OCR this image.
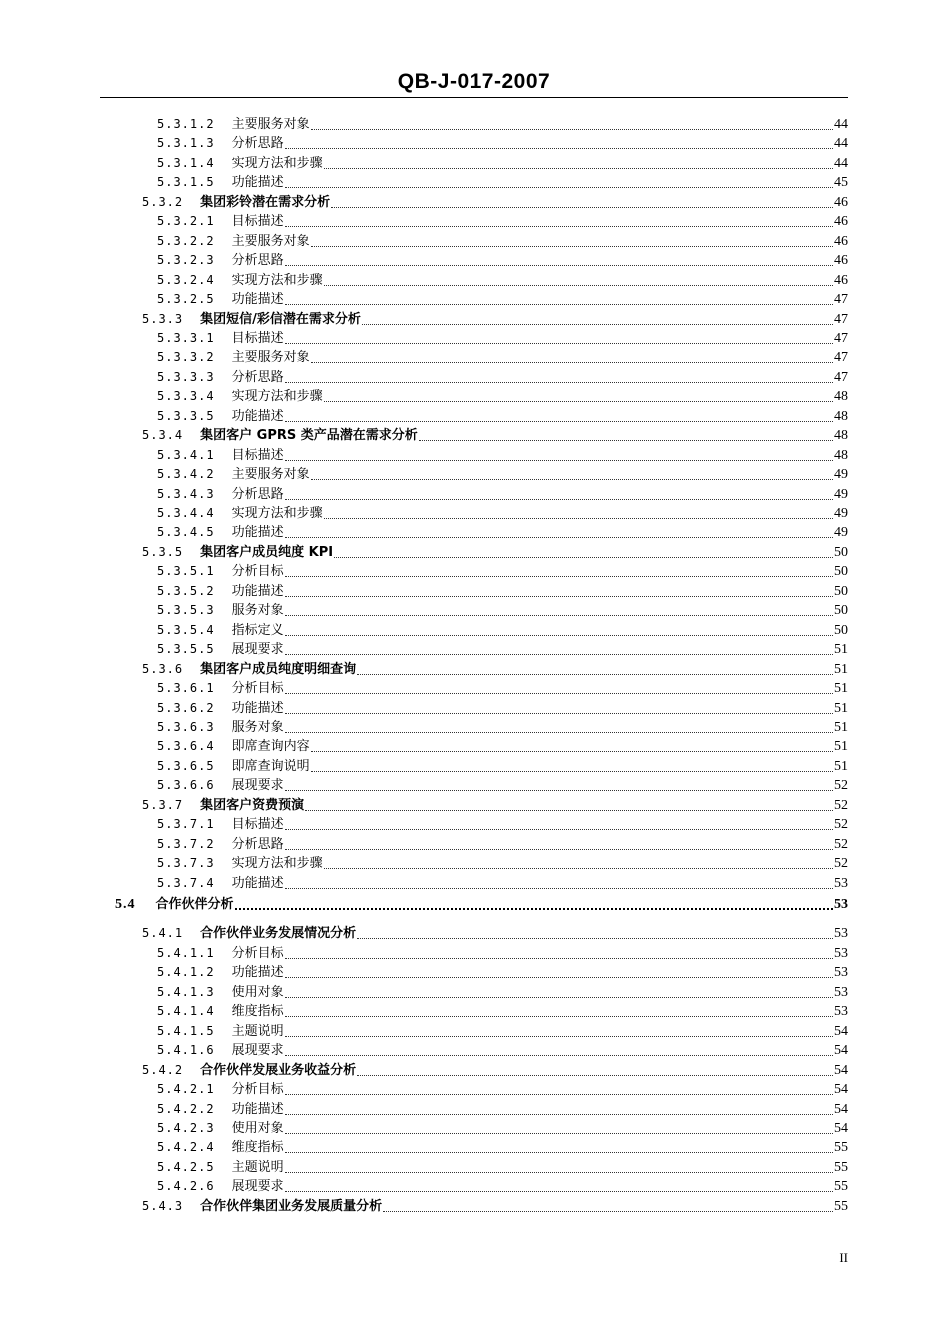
QB-J-017-2007
5.3.1.2 主要服务对象	44
5.3.1.3 分析思路	44
5.3.1.4 实现方法和步骤	44
5.3.1.5 功能描述	45
5.3.2 集团彩铃潜在需求分析	46
5.3.2.1 目标描述	46
5.3.2.2 主要服务对象	46
5.3.2.3 分析思路	46
5.3.2.4 实现方法和步骤	46
5.3.2.5 功能描述	47
5.3.3 集团短信/彩信潜在需求分析	47
5.3.3.1 目标描述	47
5.3.3.2 主要服务对象	47
5.3.3.3 分析思路	47
5.3.3.4 实现方法和步骤	48
5.3.3.5 功能描述	48
5.3.4 集团客户 GPRS 类产品潜在需求分析	48
5.3.4.1 目标描述	48
5.3.4.2 主要服务对象	49
5.3.4.3 分析思路	49
5.3.4.4 实现方法和步骤	49
5.3.4.5 功能描述	49
5.3.5 集团客户成员纯度 KPI	50
5.3.5.1 分析目标	50
5.3.5.2 功能描述	50
5.3.5.3 服务对象	50
5.3.5.4 指标定义	50
5.3.5.5 展现要求	51
5.3.6 集团客户成员纯度明细查询	51
5.3.6.1 分析目标	51
5.3.6.2 功能描述	51
5.3.6.3 服务对象	51
5.3.6.4 即席查询内容	51
5.3.6.5 即席查询说明	51
5.3.6.6 展现要求	52
5.3.7 集团客户资费预演	52
5.3.7.1 目标描述	52
5.3.7.2 分析思路	52
5.3.7.3 实现方法和步骤	52
5.3.7.4 功能描述	53
5.4 合作伙伴分析	53
5.4.1 合作伙伴业务发展情况分析	53
5.4.1.1 分析目标	53
5.4.1.2 功能描述	53
5.4.1.3 使用对象	53
5.4.1.4 维度指标	53
5.4.1.5 主题说明	54
5.4.1.6 展现要求	54
5.4.2 合作伙伴发展业务收益分析	54
5.4.2.1 分析目标	54
5.4.2.2 功能描述	54
5.4.2.3 使用对象	54
5.4.2.4 维度指标	55
5.4.2.5 主题说明	55
5.4.2.6 展现要求	55
5.4.3 合作伙伴集团业务发展质量分析	55
II
